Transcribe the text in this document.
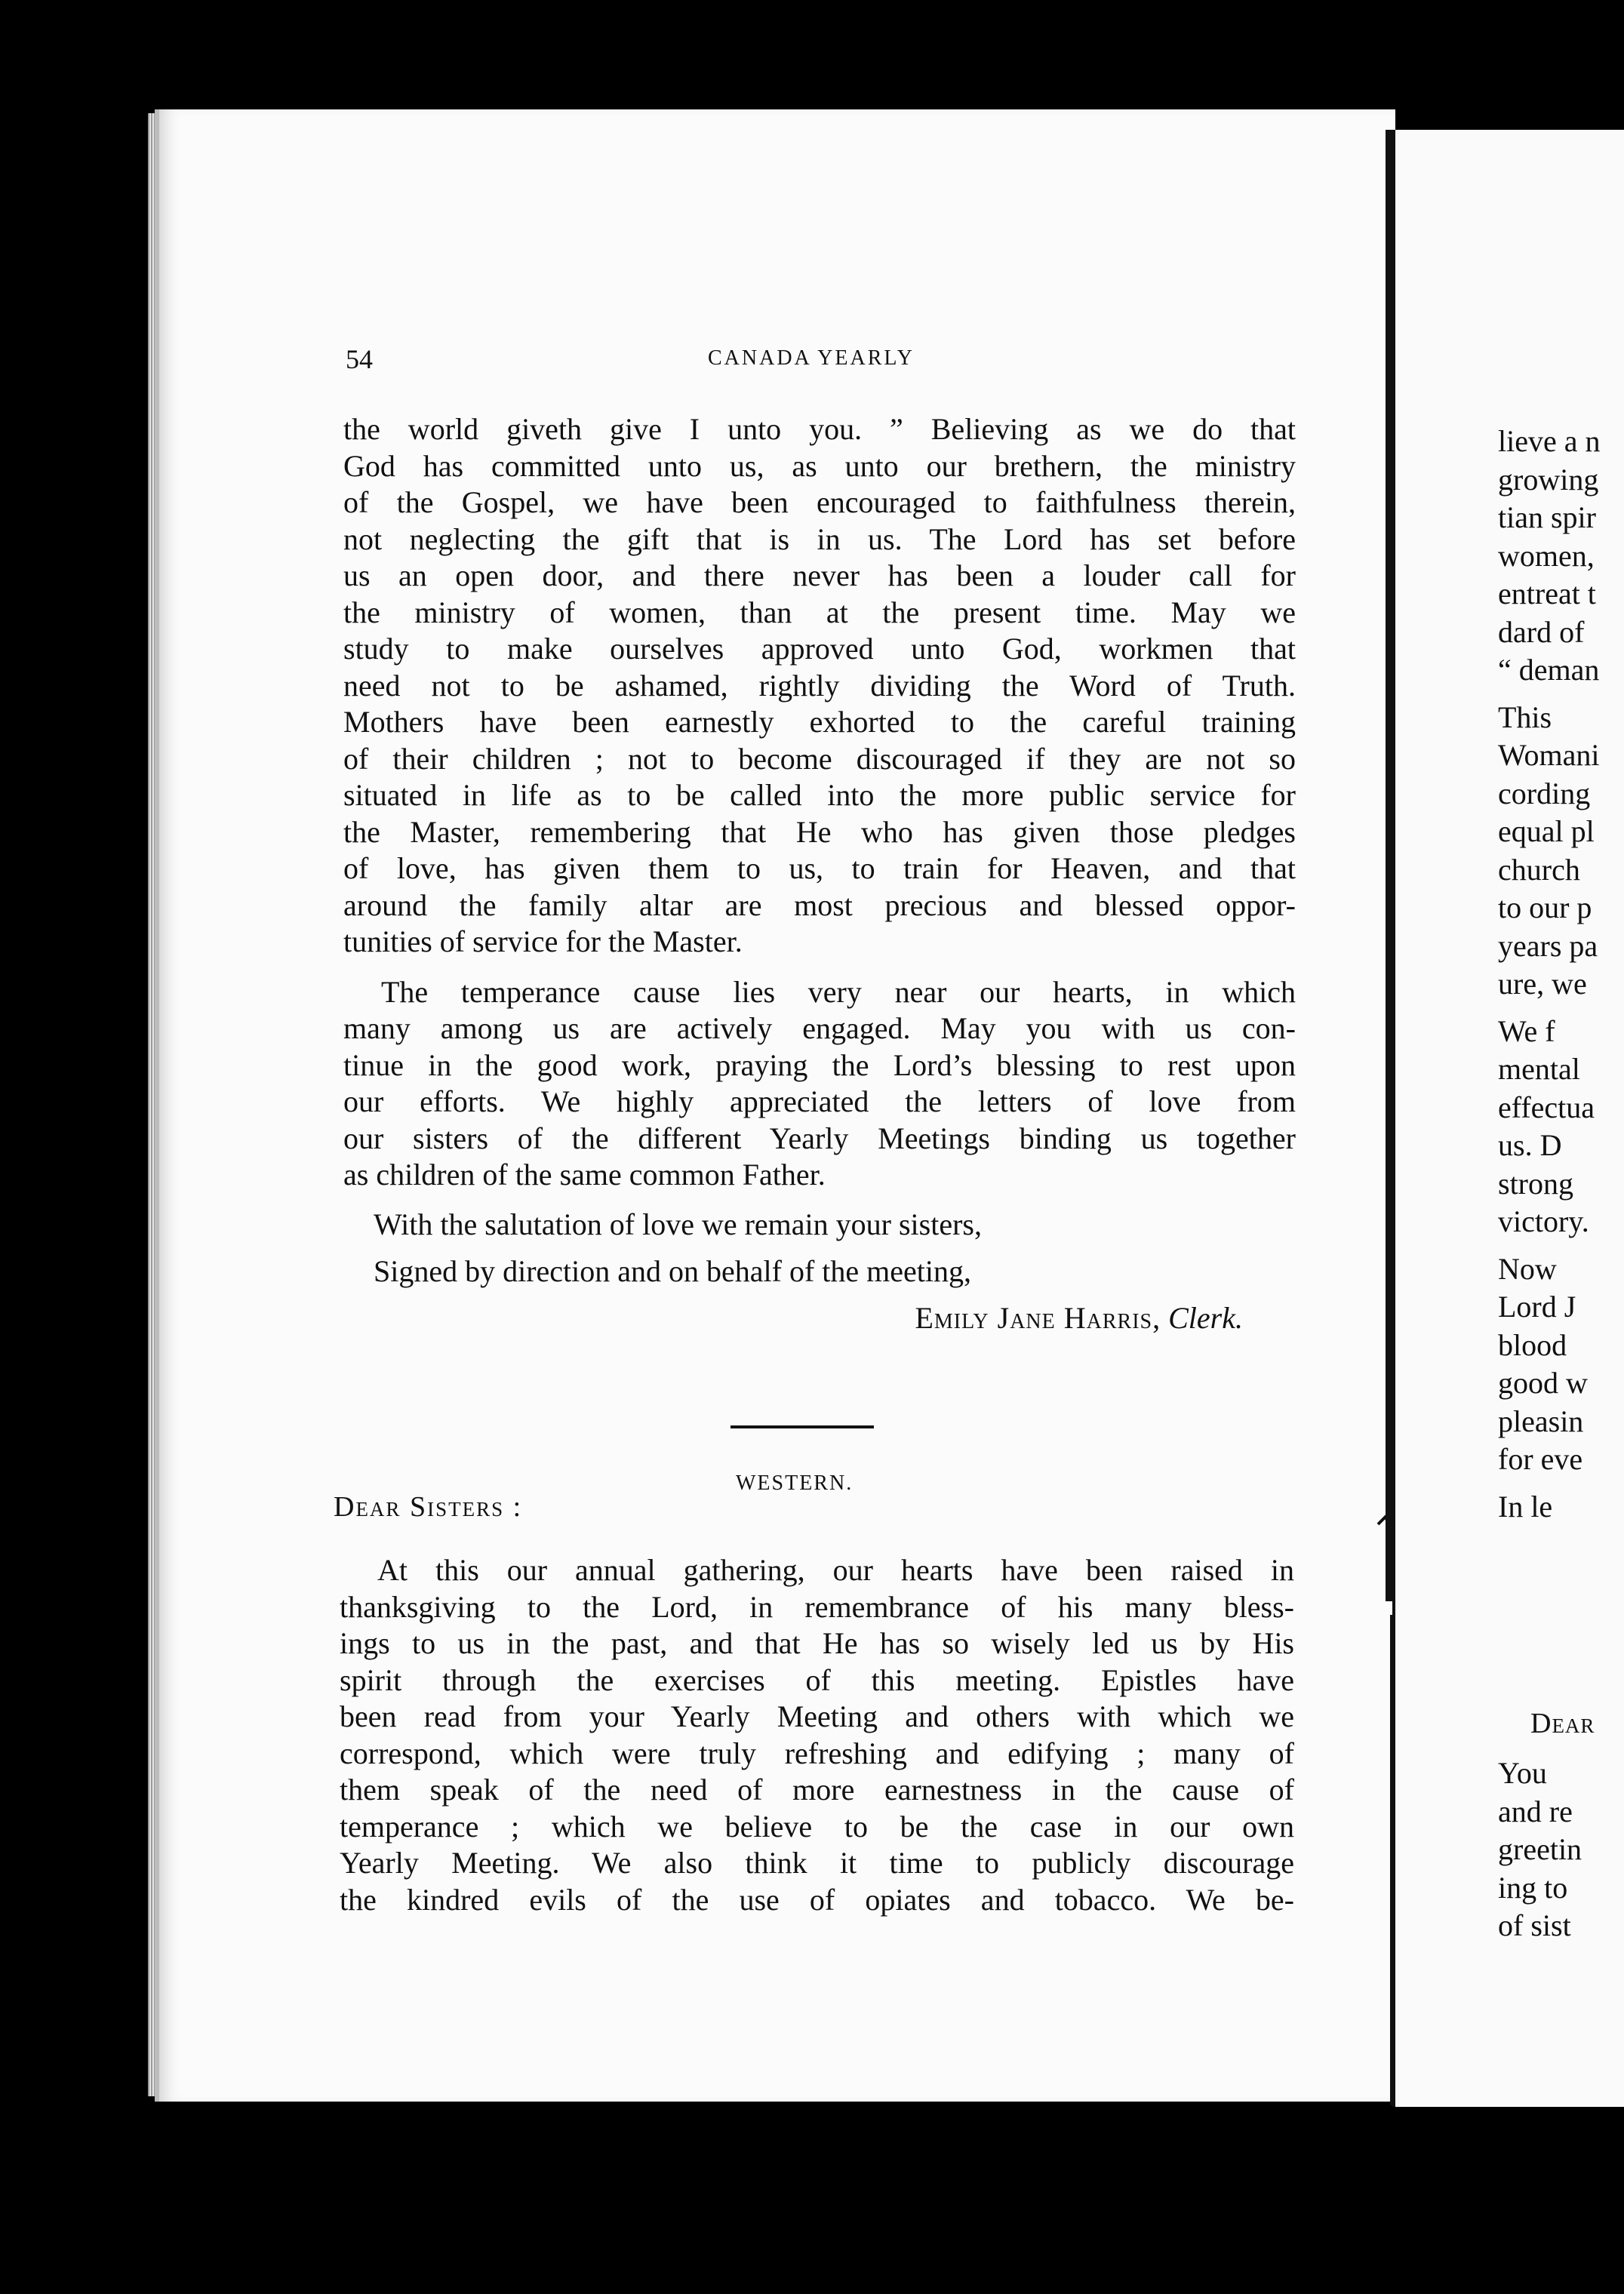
54	CANADA YEARLY
the world giveth give I unto you. ” Believing as we do that
God has committed unto us, as unto our brethern, the ministry
of the Gospel, we have been encouraged to faithfulness therein,
not neglecting the gift that is in us. The Lord has set before
us an open door, and there never has been a louder call for
the ministry of women, than at the present time. May we
study to make ourselves approved unto God, workmen that
need not to be ashamed, rightly dividing the Word of Truth.
Mothers have been earnestly exhorted to the careful training
of their children ; not to become discouraged if they are not so
situated in life as to be called into the more public service for
the Master, remembering that He who has given those pledges
of love, has given them to us, to train for Heaven, and that
around the family altar are most precious and blessed oppor-
tunities of service for the Master.
The temperance cause lies very near our hearts, in which
many among us are actively engaged. May you with us con-
tinue in the good work, praying the Lord’s blessing to rest upon
our efforts. We highly appreciated the letters of love from
our sisters of the different Yearly Meetings binding us together
as children of the same common Father.
With the salutation of love we remain your sisters,
Signed by direction and on behalf of the meeting,
Emily Jane Harris, Clerk.
WESTERN.
Dear Sisters :
At this our annual gathering, our hearts have been raised in
thanksgiving to the Lord, in remembrance of his many bless-
ings to us in the past, and that He has so wisely led us by His
spirit through the exercises of this meeting. Epistles have
been read from your Yearly Meeting and others with which we
correspond, which were truly refreshing and edifying ; many of
them speak of the need of more earnestness in the cause of
temperance ; which we believe to be the case in our own
Yearly Meeting. We also think it time to publicly discourage
the kindred evils of the use of opiates and tobacco. We be-
lieve a n
growing
tian spir
women,
entreat t
dard of
“ deman
This
Womani
cording
equal pl
church
to our p
years pa
ure, we
We f
mental
effectua
us. D
strong
victory.
Now
Lord J
blood
good w
pleasin
for eve
In le
Dear
You
and re
greetin
ing to
of sist
